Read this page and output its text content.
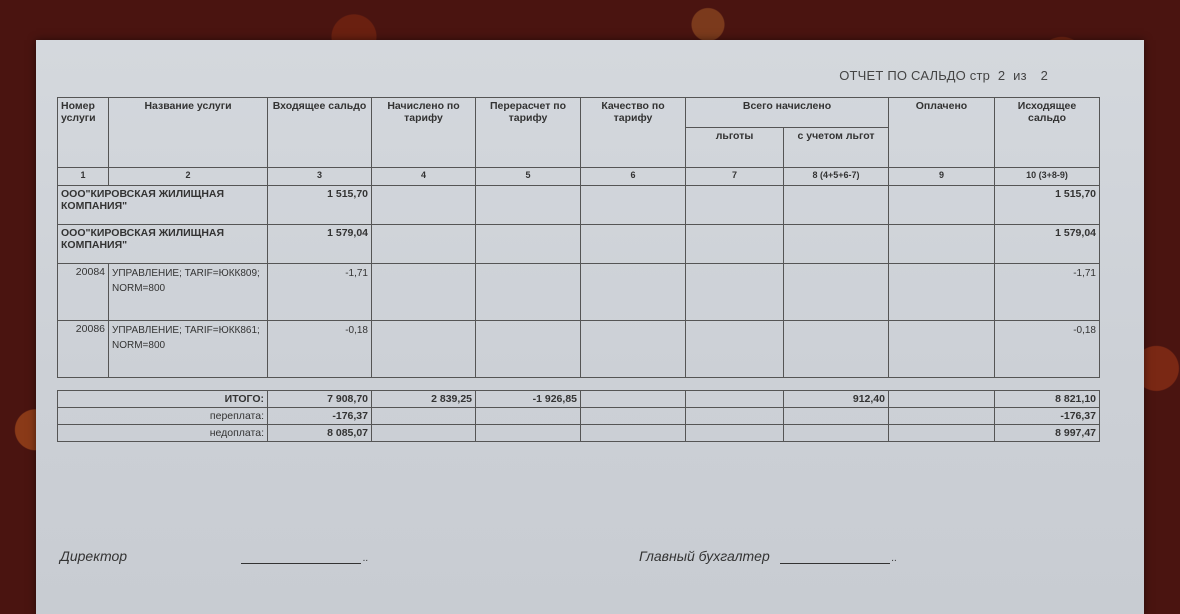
ОТЧЕТ ПО САЛЬДО стр 2 из 2
Номер услуги	Название услуги	Входящее сальдо	Начислено по тарифу	Перерасчет по тарифу	Качество по тарифу	Всего начислено		Оплачено	Исходящее сальдо
						льготы	с учетом льгот		
1	2	3	4	5	6	7	8 (4+5+6-7)	9	10 (3+8-9)
ООО"КИРОВСКАЯ ЖИЛИЩНАЯ КОМПАНИЯ"		1 515,70							1 515,70
ООО"КИРОВСКАЯ ЖИЛИЩНАЯ КОМПАНИЯ"		1 579,04							1 579,04
20084	УПРАВЛЕНИЕ; TARIF=ЮКК809; NORM=800	-1,71							-1,71
20086	УПРАВЛЕНИЕ; TARIF=ЮКК861; NORM=800	-0,18							-0,18

ИТОГО:		7 908,70	2 839,25	-1 926,85			912,40		8 821,10
переплата:		-176,37							-176,37
недоплата:		8 085,07							8 997,47
Директор	..	Главный бухгалтер	..
